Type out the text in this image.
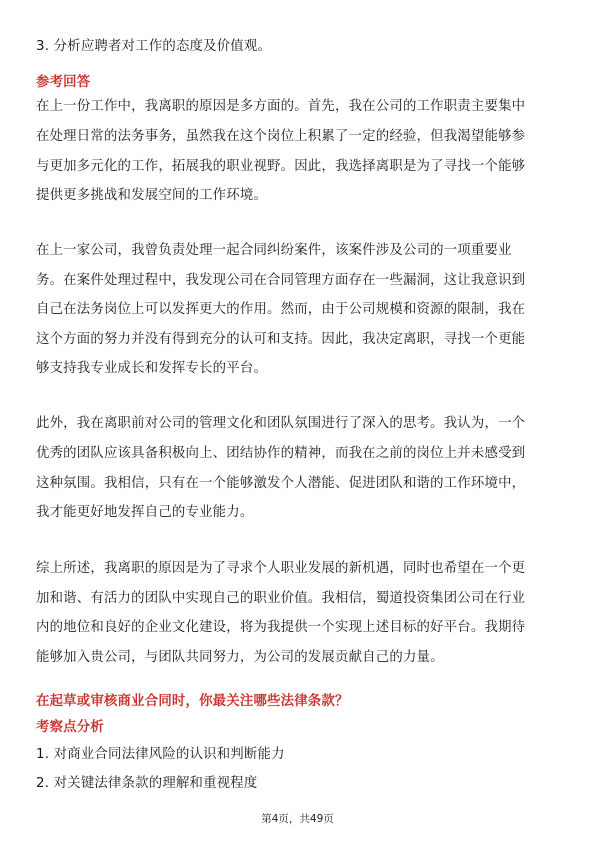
3. 分析应聘者对工作的态度及价值观。
参考回答
在上一份工作中，我离职的原因是多方面的。首先，我在公司的工作职责主要集中
在处理日常的法务事务，虽然我在这个岗位上积累了一定的经验，但我渴望能够参
与更加多元化的工作，拓展我的职业视野。因此，我选择离职是为了寻找一个能够
提供更多挑战和发展空间的工作环境。
在上一家公司，我曾负责处理一起合同纠纷案件，该案件涉及公司的一项重要业
务。在案件处理过程中，我发现公司在合同管理方面存在一些漏洞，这让我意识到
自己在法务岗位上可以发挥更大的作用。然而，由于公司规模和资源的限制，我在
这个方面的努力并没有得到充分的认可和支持。因此，我决定离职，寻找一个更能
够支持我专业成长和发挥专长的平台。
此外，我在离职前对公司的管理文化和团队氛围进行了深入的思考。我认为，一个
优秀的团队应该具备积极向上、团结协作的精神，而我在之前的岗位上并未感受到
这种氛围。我相信，只有在一个能够激发个人潜能、促进团队和谐的工作环境中，
我才能更好地发挥自己的专业能力。
综上所述，我离职的原因是为了寻求个人职业发展的新机遇，同时也希望在一个更
加和谐、有活力的团队中实现自己的职业价值。我相信，蜀道投资集团公司在行业
内的地位和良好的企业文化建设，将为我提供一个实现上述目标的好平台。我期待
能够加入贵公司，与团队共同努力，为公司的发展贡献自己的力量。
在起草或审核商业合同时，你最关注哪些法律条款？
考察点分析
1. 对商业合同法律风险的认识和判断能力
2. 对关键法律条款的理解和重视程度
第4页，共49页
